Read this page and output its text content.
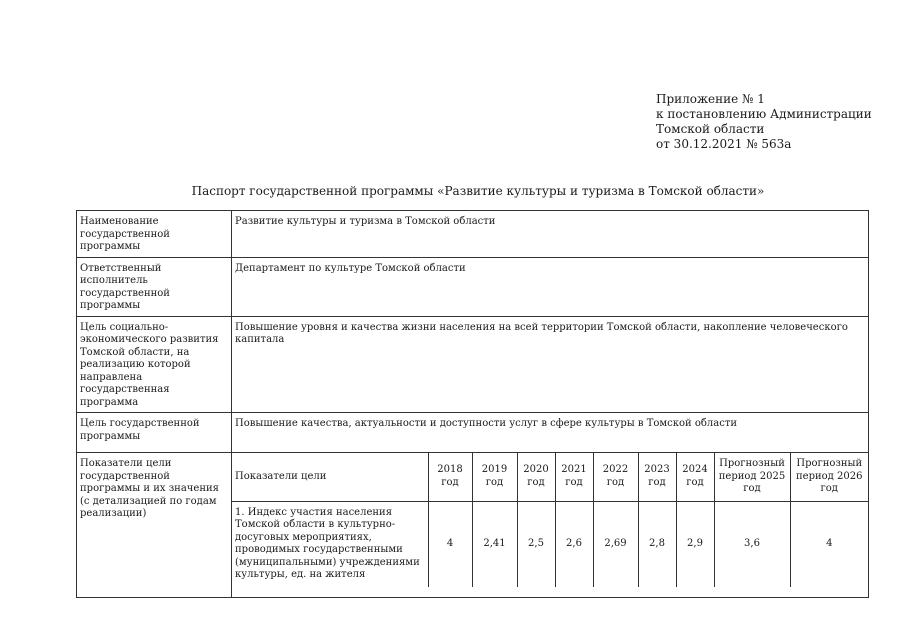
Приложение № 1
к постановлению Администрации
Томской области
от 30.12.2021 № 563а
Паспорт государственной программы «Развитие культуры и туризма в Томской области»
Наименование государственной программы	Развитие культуры и туризма в Томской области
Ответственный исполнитель государственной программы	Департамент по культуре Томской области
Цель социально-экономического развития Томской области, на реализацию которой направлена государственная программа	Повышение уровня и качества жизни населения на всей территории Томской области, накопление человеческого капитала
Цель государственной программы	Повышение качества, актуальности и доступности услуг в сфере культуры в Томской области
Показатели цели государственной программы и их значения (с детализацией по годам реализации)	
Показатели цели	2018 год	2019 год	2020 год	2021 год	2022 год	2023 год	2024 год	Прогнозный период 2025 год	Прогнозный период 2026 год
1. Индекс участия населения Томской области в культурно-досуговых мероприятиях, проводимых государственными (муниципальными) учреждениями культуры, ед. на жителя	4	2,41	2,5	2,6	2,69	2,8	2,9	3,6	4
